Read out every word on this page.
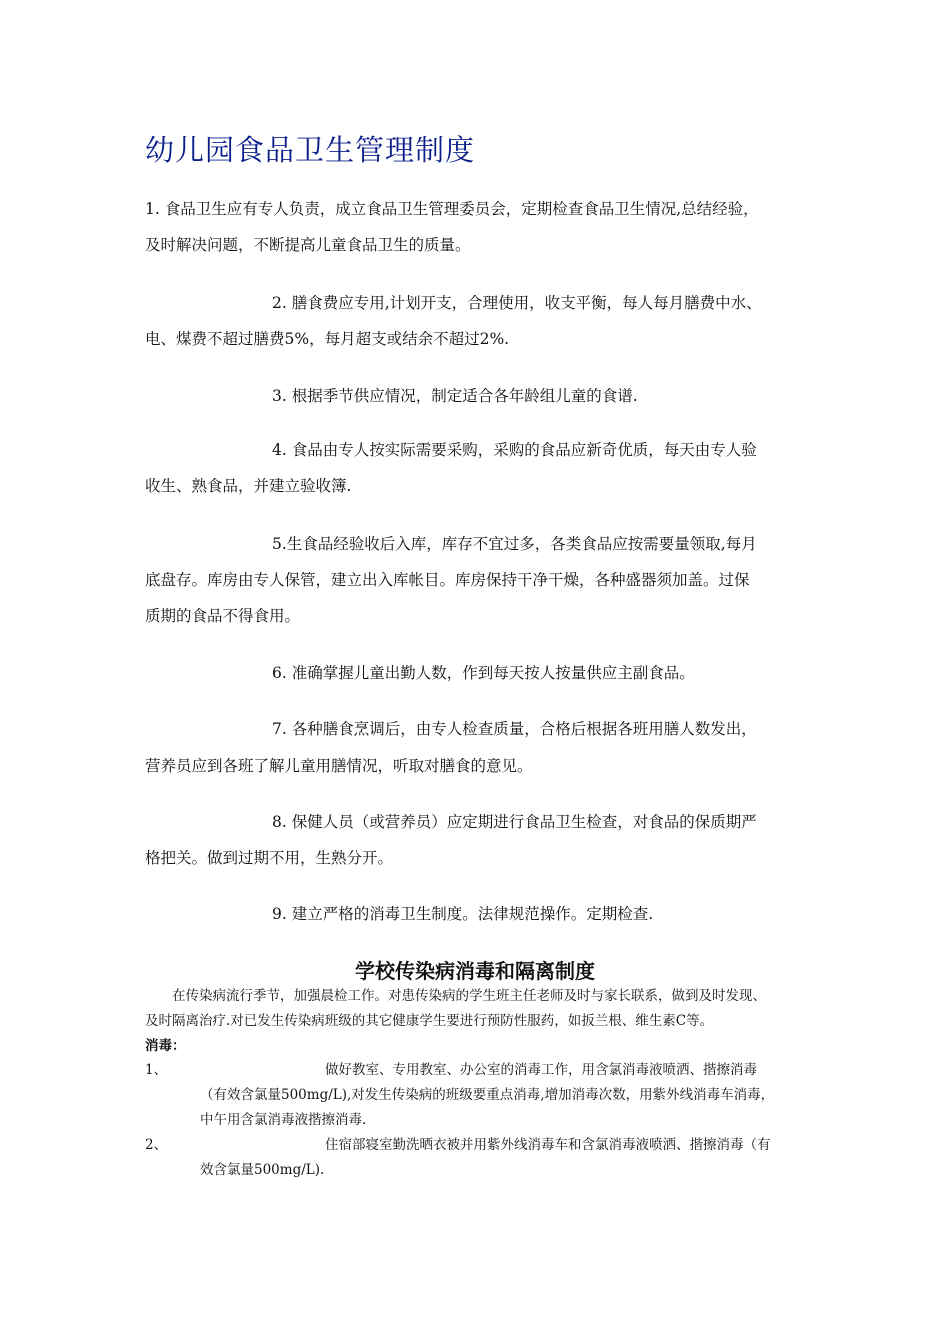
幼儿园食品卫生管理制度
1. 食品卫生应有专人负责，成立食品卫生管理委员会，定期检查食品卫生情况,总结经验，
及时解决问题，不断提高儿童食品卫生的质量。
2. 膳食费应专用,计划开支，合理使用，收支平衡，每人每月膳费中水、
电、煤费不超过膳费5%，每月超支或结余不超过2%.
3. 根据季节供应情况，制定适合各年龄组儿童的食谱.
4. 食品由专人按实际需要采购，采购的食品应新奇优质，每天由专人验
收生、熟食品，并建立验收簿.
5.生食品经验收后入库，库存不宜过多，各类食品应按需要量领取,每月
底盘存。库房由专人保管，建立出入库帐目。库房保持干净干燥，各种盛器须加盖。过保
质期的食品不得食用。
6. 准确掌握儿童出勤人数，作到每天按人按量供应主副食品。
7. 各种膳食烹调后，由专人检查质量，合格后根据各班用膳人数发出，
营养员应到各班了解儿童用膳情况，听取对膳食的意见。
8. 保健人员（或营养员）应定期进行食品卫生检查，对食品的保质期严
格把关。做到过期不用，生熟分开。
9. 建立严格的消毒卫生制度。法律规范操作。定期检查.
学校传染病消毒和隔离制度
在传染病流行季节，加强晨检工作。对患传染病的学生班主任老师及时与家长联系，做到及时发现、
及时隔离治疗.对已发生传染病班级的其它健康学生要进行预防性服药，如扳兰根、维生素C等。
消毒：
1、	做好教室、专用教室、办公室的消毒工作，用含氯消毒液喷洒、揩擦消毒
（有效含氯量500mg/L),对发生传染病的班级要重点消毒,增加消毒次数，用紫外线消毒车消毒，
中午用含氯消毒液揩擦消毒.
2、	住宿部寝室勤洗晒衣被并用紫外线消毒车和含氯消毒液喷洒、揩擦消毒（有
效含氯量500mg/L).
